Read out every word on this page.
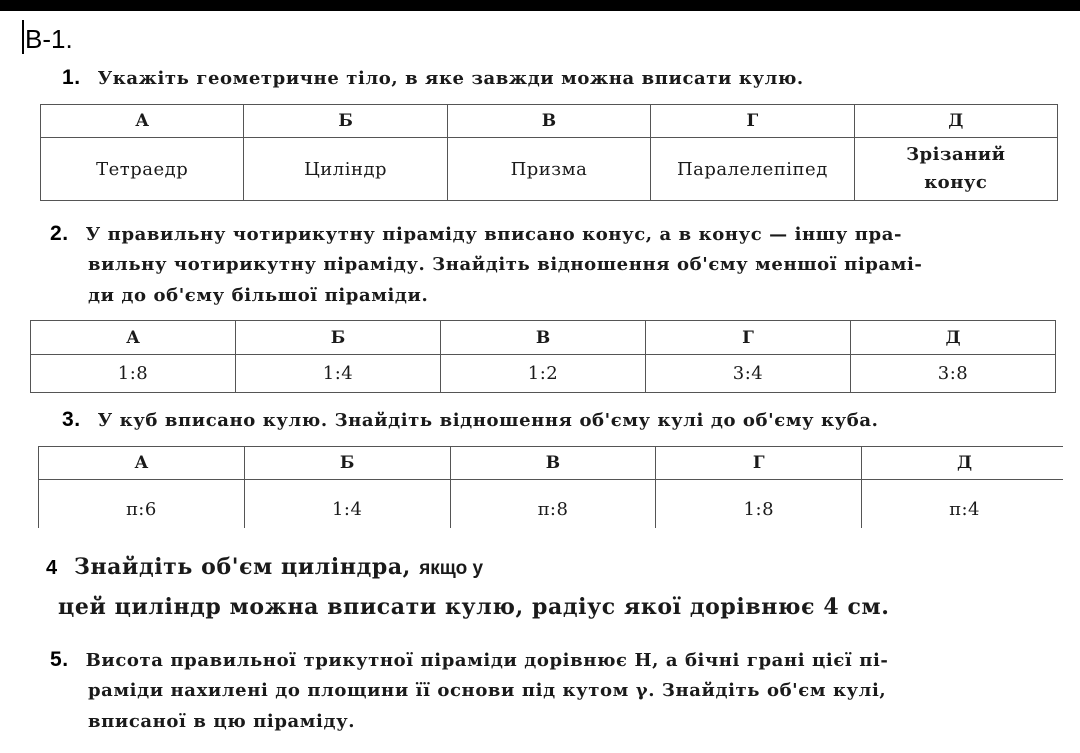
В-1.
1. Укажіть геометричне тіло, в яке завжди можна вписати кулю.
А	Б	В	Г	Д
Тетраедр	Циліндр	Призма	Паралелепіпед	Зрізаний
конус
2. У правильну чотирикутну піраміду вписано конус, а в конус — іншу пра-
вильну чотирикутну піраміду. Знайдіть відношення об'єму меншої пірамі-
ди до об'єму більшої піраміди.
А	Б	В	Г	Д
1:8	1:4	1:2	3:4	3:8
3. У куб вписано кулю. Знайдіть відношення об'єму кулі до об'єму куба.
А	Б	В	Г	Д
π:6	1:4	π:8	1:8	π:4
4 Знайдіть об'єм циліндра, якщо у
цей циліндр можна вписати кулю, радіус якої дорівнює 4 см.
5. Висота правильної трикутної піраміди дорівнює H, а бічні грані цієї пі-
раміди нахилені до площини її основи під кутом γ. Знайдіть об'єм кулі,
вписаної в цю піраміду.
